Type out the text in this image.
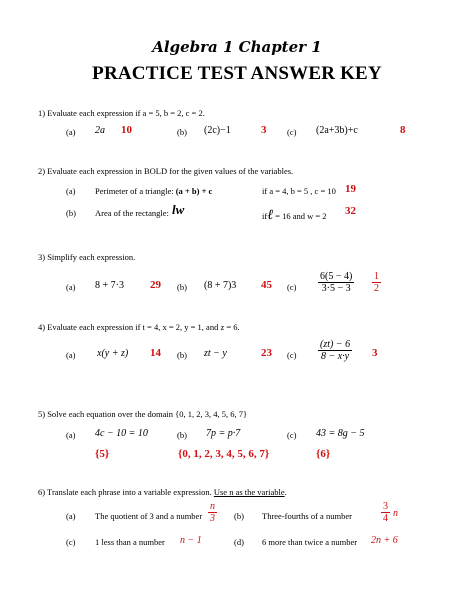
Algebra 1 Chapter 1
PRACTICE TEST ANSWER KEY
1) Evaluate each expression if a = 5, b = 2, c = 2.
(a) 2a 10	(b) (2c)−1	3 (c) (2a+3b)+c	8
2) Evaluate each expression in BOLD for the given values of the variables.
(a) Perimeter of a triangle: (a + b) + c	if a = 4, b = 5 , c = 10 19
(b) Area of the rectangle: lw	ifℓ = 16 and w = 2 32
3) Simplify each expression.
(a) 8 + 7·3 29 (b) (8 + 7)3 45 $(c) \frac{6(5 - 4)}{3\cdot 5 - 3} \frac{1}{2}$
4) Evaluate each expression if t = 4, x = 2, y = 1, and z = 6.
(a) x(y + z) 14 (b) zt − y	23 $(c) \frac{(zt) - 6}{8 - x\cdot y} 3$
5) Solve each equation over the domain {0, 1, 2, 3, 4, 5, 6, 7}
(a) 4c − 10 = 10
{5}
(b) 7p = p·7
{0, 1, 2, 3, 4, 5, 6, 7}
(c) 43 = 8g − 5
{6}
6) Translate each phrase into a variable expression. Use n as the variable.
(a) The quotient of 3 and a number $\frac{n}{3} (b)$ Three-fourths of a number	$\frac{3}{4}$ n
(c) 1 less than a number n − 1	(d) 6 more than twice a number 2n + 6
